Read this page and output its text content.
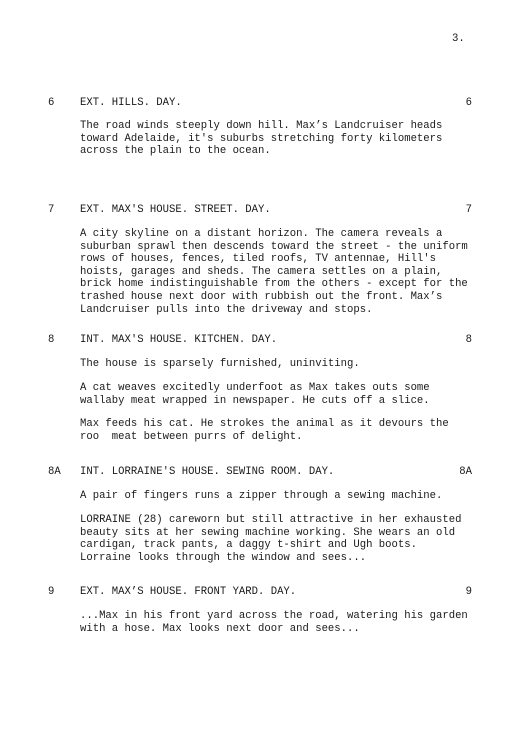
3.
6 EXT. HILLS. DAY.	6

The road winds steeply down hill. Max’s Landcruiser heads
toward Adelaide, it's suburbs stretching forty kilometers
across the plain to the ocean.

7 EXT. MAX'S HOUSE. STREET. DAY.	7

A city skyline on a distant horizon. The camera reveals a
suburban sprawl then descends toward the street - the uniform
rows of houses, fences, tiled roofs, TV antennae, Hill's
hoists, garages and sheds. The camera settles on a plain,
brick home indistinguishable from the others - except for the
trashed house next door with rubbish out the front. Max’s
Landcruiser pulls into the driveway and stops.

8 INT. MAX'S HOUSE. KITCHEN. DAY.	8

The house is sparsely furnished, uninviting.

A cat weaves excitedly underfoot as Max takes outs some
wallaby meat wrapped in newspaper. He cuts off a slice.

Max feeds his cat. He strokes the animal as it devours the
roo  meat between purrs of delight.

8A INT. LORRAINE'S HOUSE. SEWING ROOM. DAY.	8A

A pair of fingers runs a zipper through a sewing machine.

LORRAINE (28) careworn but still attractive in her exhausted
beauty sits at her sewing machine working. She wears an old
cardigan, track pants, a daggy t-shirt and Ugh boots.
Lorraine looks through the window and sees...

9 EXT. MAX’S HOUSE. FRONT YARD. DAY.	9

...Max in his front yard across the road, watering his garden
with a hose. Max looks next door and sees...
